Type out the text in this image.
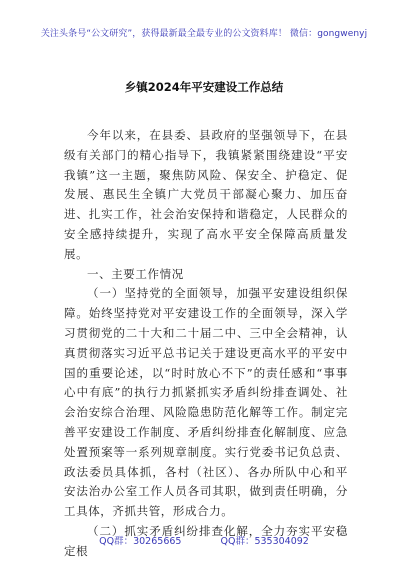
关注头条号“公文研究”，获得最新最全最专业的公文资料库！ 微信：gongwenyj
乡镇2024年平安建设工作总结

今年以来，在县委、县政府的坚强领导下，在县级有关部门的精心指导下，我镇紧紧围绕建设“平安我镇”这一主题，聚焦防风险、保安全、护稳定、促发展、惠民生全镇广大党员干部凝心聚力、加压奋进、扎实工作，社会治安保持和谐稳定，人民群众的安全感持续提升，实现了高水平安全保障高质量发展。

一、主要工作情况

（一）坚持党的全面领导，加强平安建设组织保障。始终坚持党对平安建设工作的全面领导，深入学习贯彻党的二十大和二十届二中、三中全会精神，认真贯彻落实习近平总书记关于建设更高水平的平安中国的重要论述，以“时时放心不下”的责任感和“事事心中有底”的执行力抓紧抓实矛盾纠纷排查调处、社会治安综合治理、风险隐患防范化解等工作。制定完善平安建设工作制度、矛盾纠纷排查化解制度、应急处置预案等一系列规章制度。实行党委书记负总责、政法委员具体抓，各村（社区）、各办所队中心和平安法治办公室工作人员各司其职，做到责任明确，分工具体，齐抓共管，形成合力。

（二）抓实矛盾纠纷排查化解，全力夯实平安稳定根

QQ群：30265665	QQ群：535304092
